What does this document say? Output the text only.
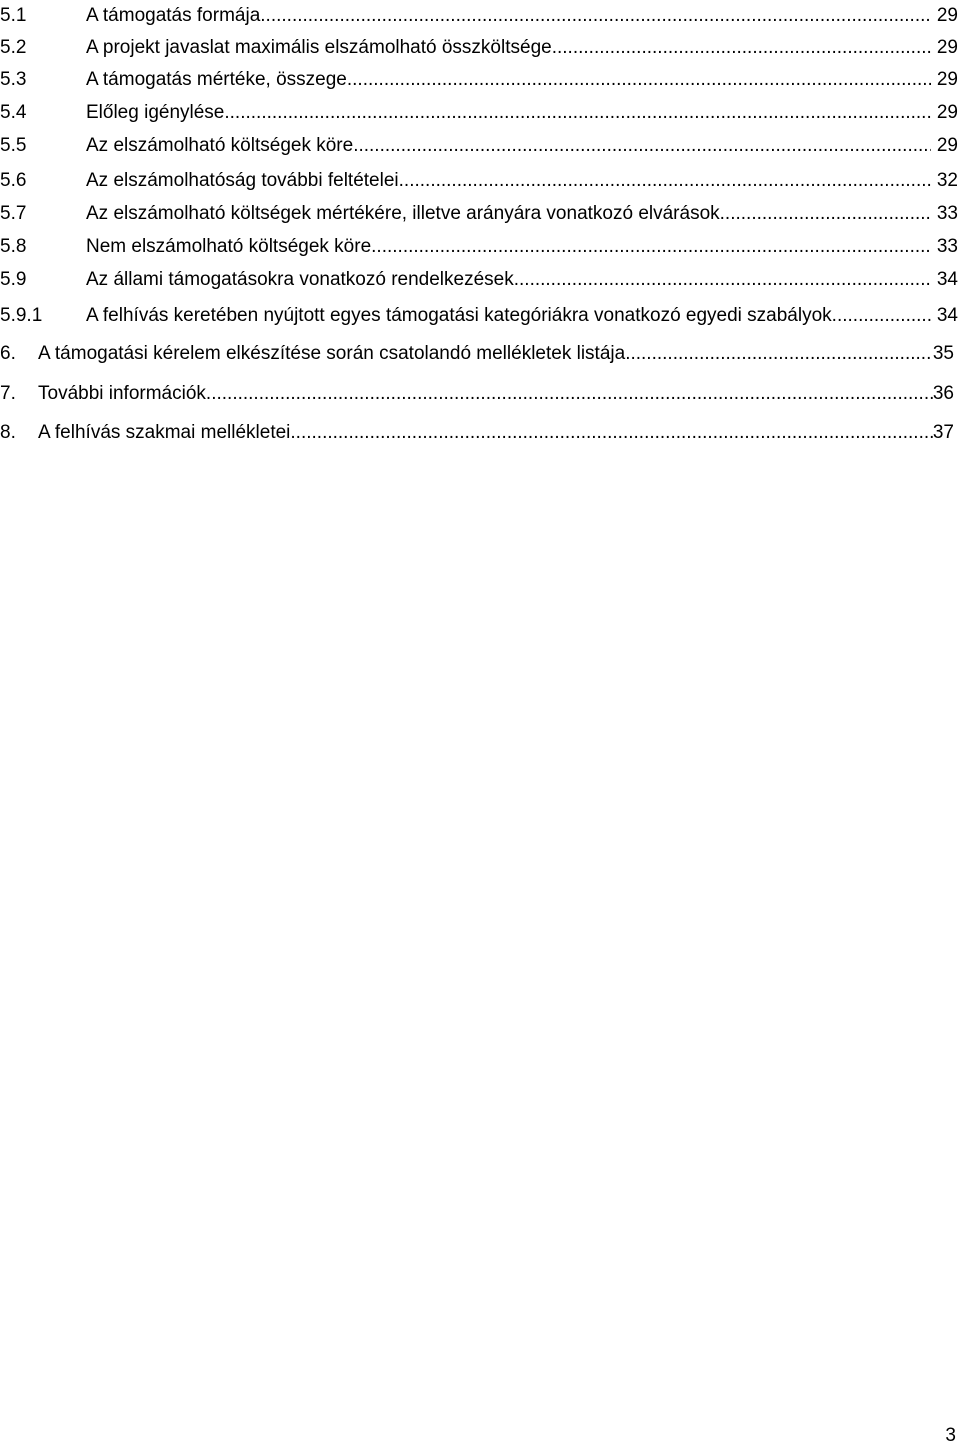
5.1	A támogatás formája .....	29
5.2	A projekt javaslat maximális elszámolható összköltsége .....	29
5.3	A támogatás mértéke, összege .....	29
5.4	Előleg igénylése .....	29
5.5	Az elszámolható költségek köre .....	29
5.6	Az elszámolhatóság további feltételei .....	32
5.7	Az elszámolható költségek mértékére, illetve arányára vonatkozó elvárások .....	33
5.8	Nem elszámolható költségek köre .....	33
5.9	Az állami támogatásokra vonatkozó rendelkezések .....	34
5.9.1	A felhívás keretében nyújtott egyes támogatási kategóriákra vonatkozó egyedi szabályok .....	34
6.	A támogatási kérelem elkészítése során csatolandó mellékletek listája .....	35
7.	További információk .....	36
8.	A felhívás szakmai mellékletei .....	37
3
